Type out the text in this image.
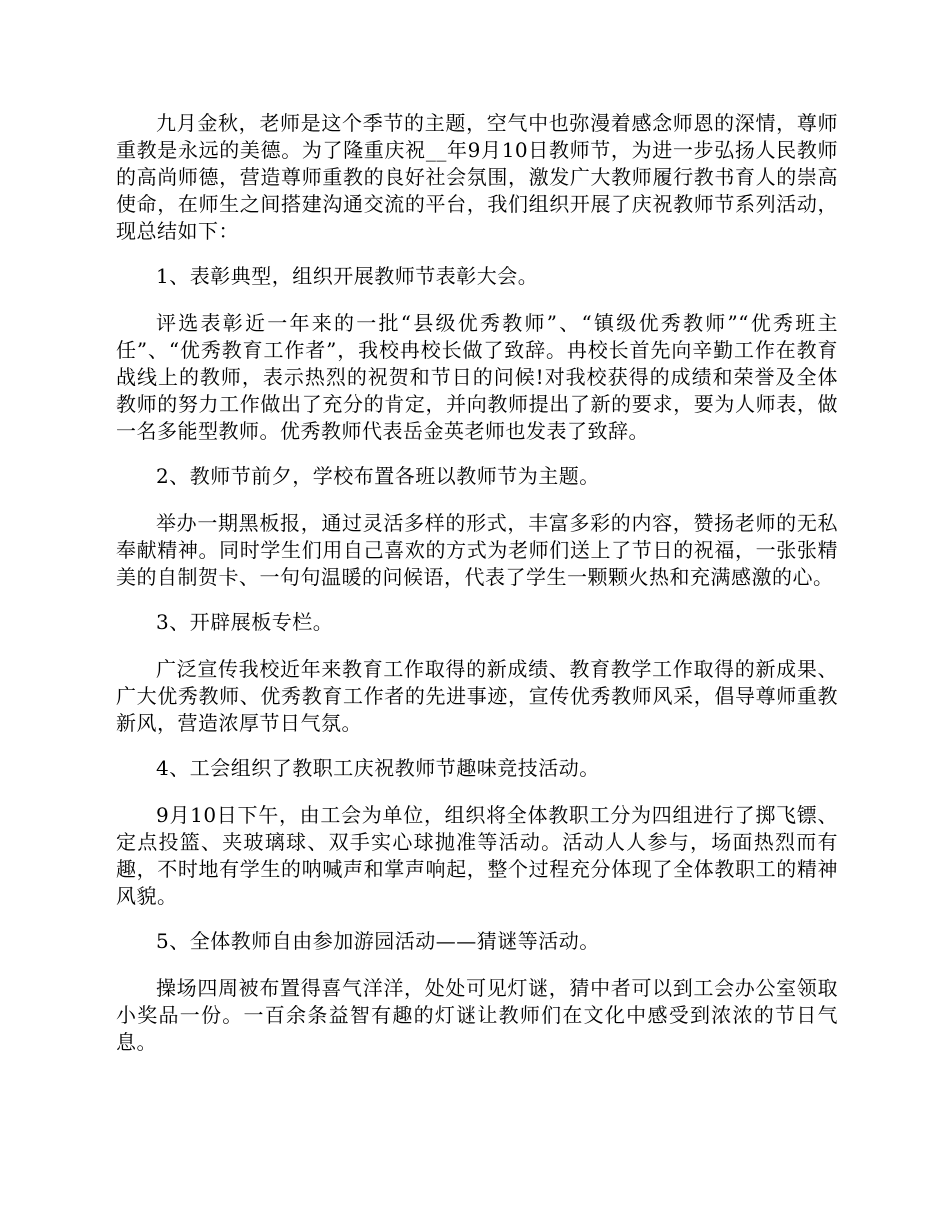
九月金秋，老师是这个季节的主题，空气中也弥漫着感念师恩的深情，尊师重教是永远的美德。为了隆重庆祝__年9月10日教师节，为进一步弘扬人民教师的高尚师德，营造尊师重教的良好社会氛围，激发广大教师履行教书育人的崇高使命，在师生之间搭建沟通交流的平台，我们组织开展了庆祝教师节系列活动，现总结如下：

1、表彰典型，组织开展教师节表彰大会。

评选表彰近一年来的一批“县级优秀教师”、“镇级优秀教师”“优秀班主任”、“优秀教育工作者”，我校冉校长做了致辞。冉校长首先向辛勤工作在教育战线上的教师，表示热烈的祝贺和节日的问候!对我校获得的成绩和荣誉及全体教师的努力工作做出了充分的肯定，并向教师提出了新的要求，要为人师表，做一名多能型教师。优秀教师代表岳金英老师也发表了致辞。

2、教师节前夕，学校布置各班以教师节为主题。

举办一期黑板报，通过灵活多样的形式，丰富多彩的内容，赞扬老师的无私奉献精神。同时学生们用自己喜欢的方式为老师们送上了节日的祝福，一张张精美的自制贺卡、一句句温暖的问候语，代表了学生一颗颗火热和充满感激的心。

3、开辟展板专栏。

广泛宣传我校近年来教育工作取得的新成绩、教育教学工作取得的新成果、广大优秀教师、优秀教育工作者的先进事迹，宣传优秀教师风采，倡导尊师重教新风，营造浓厚节日气氛。

4、工会组织了教职工庆祝教师节趣味竞技活动。

9月10日下午，由工会为单位，组织将全体教职工分为四组进行了掷飞镖、定点投篮、夹玻璃球、双手实心球抛准等活动。活动人人参与，场面热烈而有趣，不时地有学生的呐喊声和掌声响起，整个过程充分体现了全体教职工的精神风貌。

5、全体教师自由参加游园活动——猜谜等活动。

操场四周被布置得喜气洋洋，处处可见灯谜，猜中者可以到工会办公室领取小奖品一份。一百余条益智有趣的灯谜让教师们在文化中感受到浓浓的节日气息。
